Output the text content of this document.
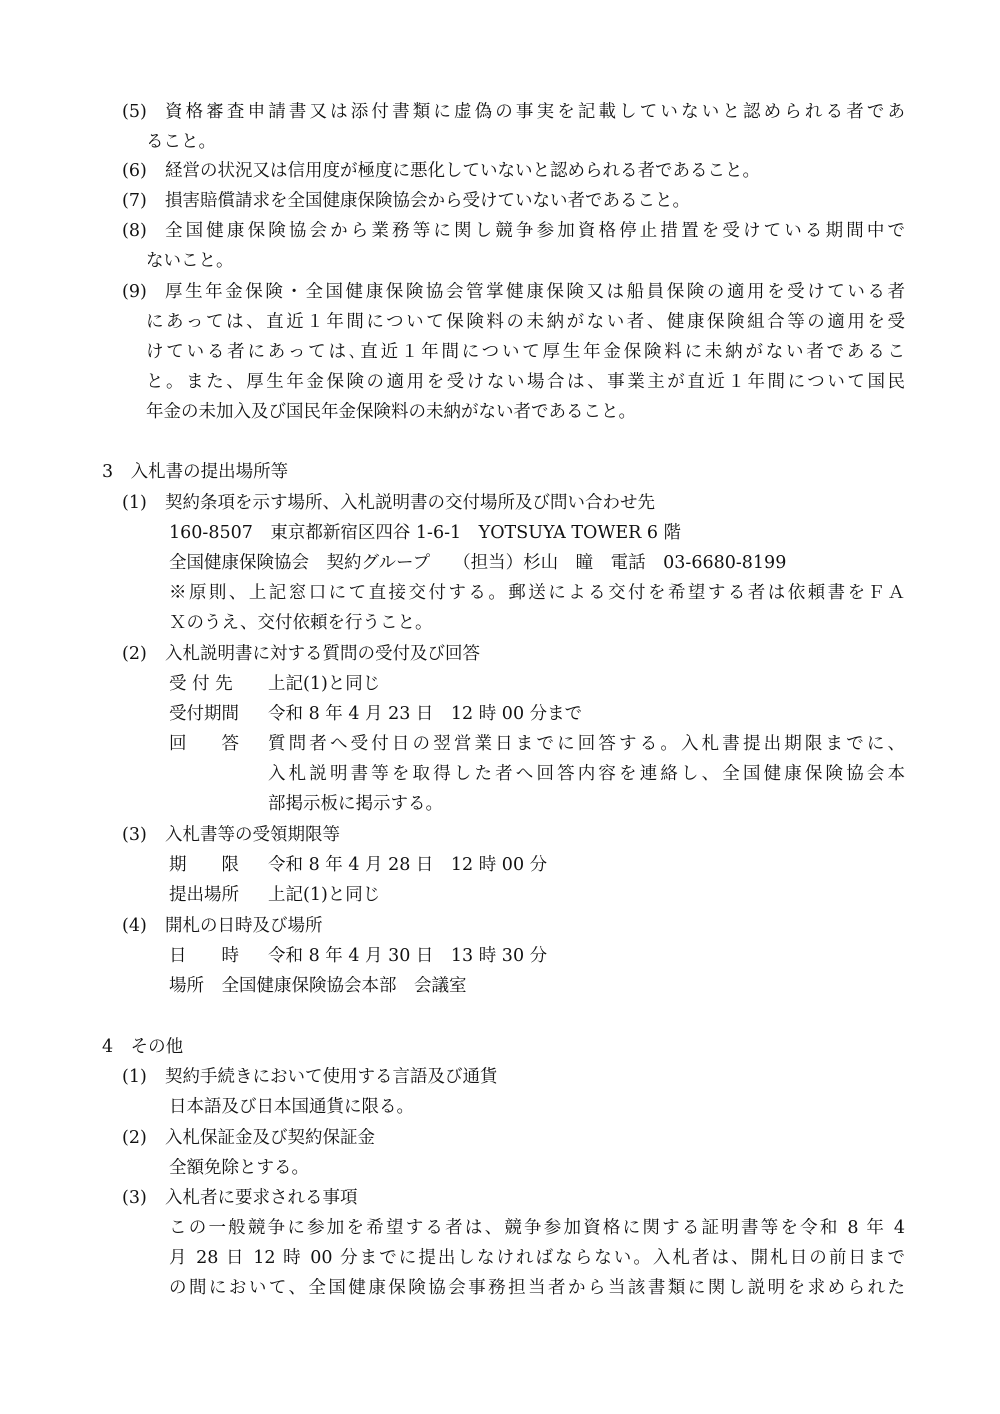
(5) 資格審査申請書又は添付書類に虚偽の事実を記載していないと認められる者であ
ること。
(6) 経営の状況又は信用度が極度に悪化していないと認められる者であること。
(7) 損害賠償請求を全国健康保険協会から受けていない者であること。
(8) 全国健康保険協会から業務等に関し競争参加資格停止措置を受けている期間中で
ないこと。
(9) 厚生年金保険・全国健康保険協会管掌健康保険又は船員保険の適用を受けている者
にあっては、直近１年間について保険料の未納がない者、健康保険組合等の適用を受
けている者にあっては､直近１年間について厚生年金保険料に未納がない者であるこ
と。また、厚生年金保険の適用を受けない場合は、事業主が直近１年間について国民
年金の未加入及び国民年金保険料の未納がない者であること。
3　入札書の提出場所等
(1) 契約条項を示す場所、入札説明書の交付場所及び問い合わせ先
160-8507　東京都新宿区四谷 1-6-1　YOTSUYA TOWER 6 階
全国健康保険協会　契約グループ　 （担当）杉山　瞳　電話　03-6680-8199
※原則、上記窓口にて直接交付する。郵送による交付を希望する者は依頼書をＦＡ
Ｘのうえ、交付依頼を行うこと。
(2) 入札説明書に対する質問の受付及び回答
受 付 先 上記(1)と同じ
受付期間 令和 8 年 4 月 23 日　12 時 00 分まで
回　　答 質問者へ受付日の翌営業日までに回答する。入札書提出期限までに、
入札説明書等を取得した者へ回答内容を連絡し、全国健康保険協会本
部掲示板に掲示する。
(3) 入札書等の受領期限等
期　　限 令和 8 年 4 月 28 日　12 時 00 分
提出場所 上記(1)と同じ
(4) 開札の日時及び場所
日　　時 令和 8 年 4 月 30 日　13 時 30 分
場所　全国健康保険協会本部　会議室
4　その他
(1) 契約手続きにおいて使用する言語及び通貨
日本語及び日本国通貨に限る。
(2) 入札保証金及び契約保証金
全額免除とする。
(3) 入札者に要求される事項
この一般競争に参加を希望する者は、競争参加資格に関する証明書等を令和 8 年 4
月 28 日 12 時 00 分までに提出しなければならない。入札者は、開札日の前日まで
の間において、全国健康保険協会事務担当者から当該書類に関し説明を求められた
